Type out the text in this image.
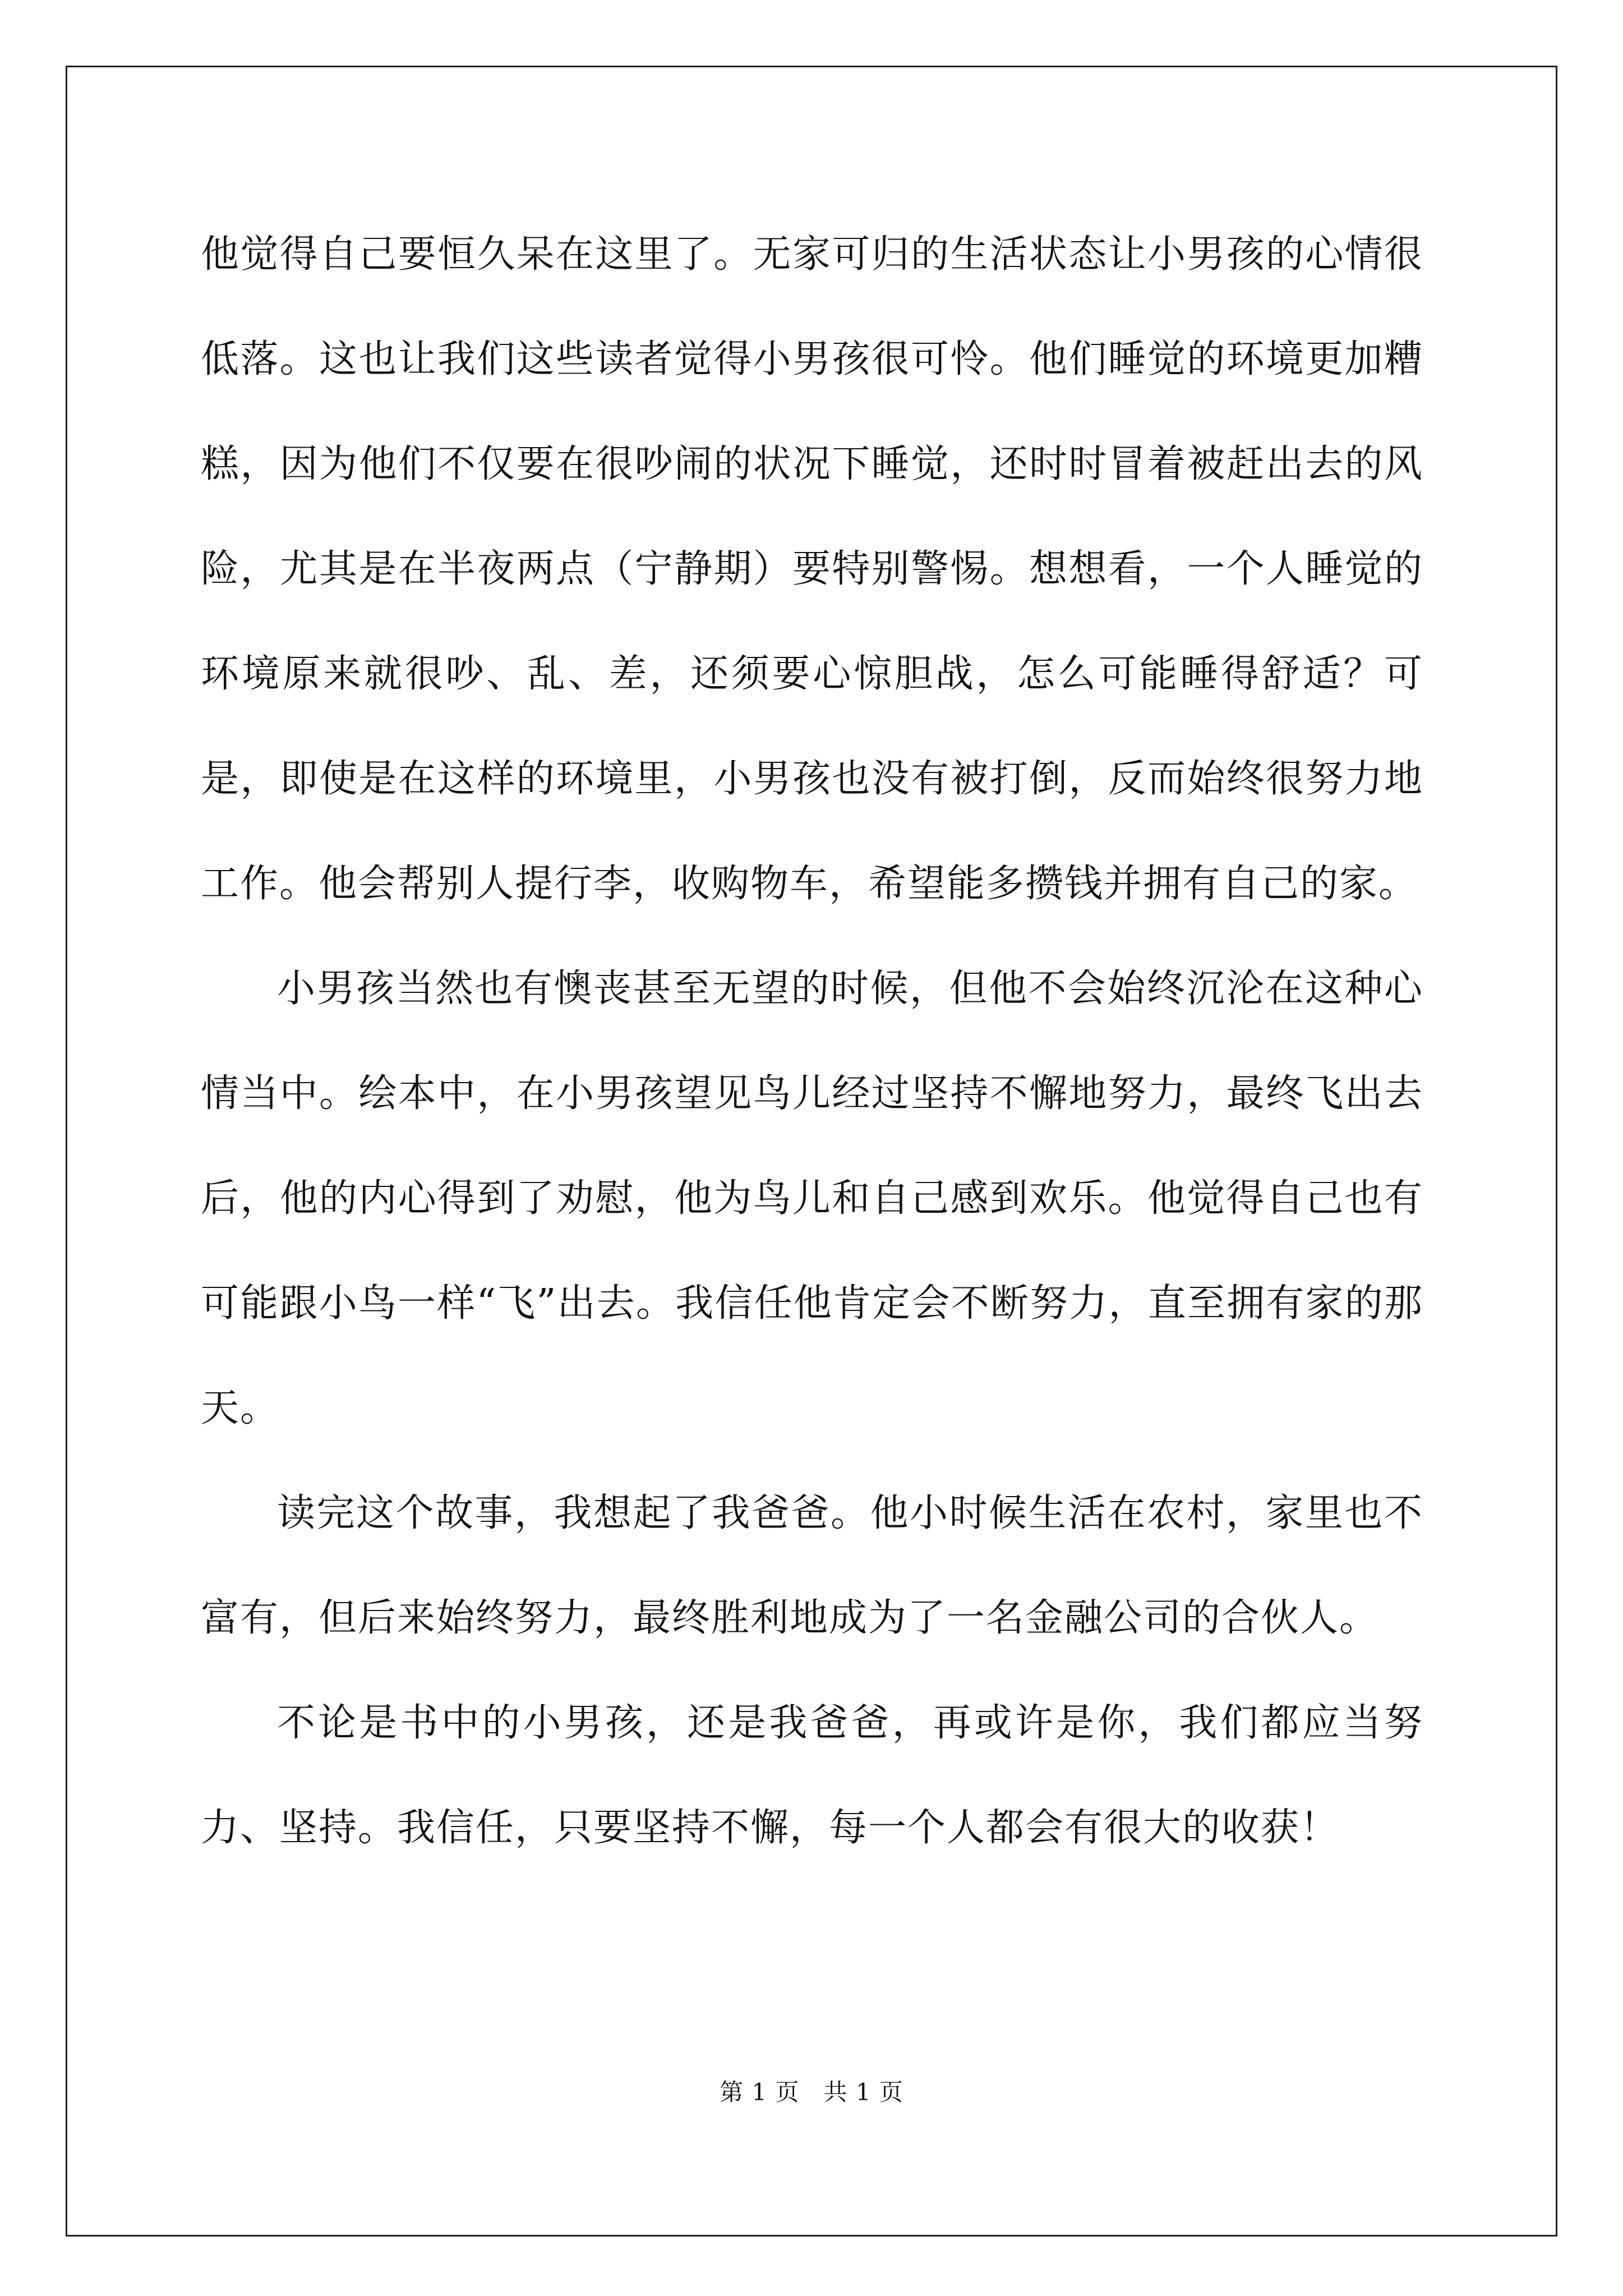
他觉得自己要恒久呆在这里了。无家可归的生活状态让小男孩的心情很低落。这也让我们这些读者觉得小男孩很可怜。他们睡觉的环境更加糟糕，因为他们不仅要在很吵闹的状况下睡觉，还时时冒着被赶出去的风险，尤其是在半夜两点（宁静期）要特别警惕。想想看，一个人睡觉的环境原来就很吵、乱、差，还须要心惊胆战，怎么可能睡得舒适？可是，即使是在这样的环境里，小男孩也没有被打倒，反而始终很努力地工作。他会帮别人提行李，收购物车，希望能多攒钱并拥有自己的家。

小男孩当然也有懊丧甚至无望的时候，但他不会始终沉沦在这种心情当中。绘本中，在小男孩望见鸟儿经过坚持不懈地努力，最终飞出去后，他的内心得到了劝慰，他为鸟儿和自己感到欢乐。他觉得自己也有可能跟小鸟一样“飞”出去。我信任他肯定会不断努力，直至拥有家的那天。

读完这个故事，我想起了我爸爸。他小时候生活在农村，家里也不富有，但后来始终努力，最终胜利地成为了一名金融公司的合伙人。

不论是书中的小男孩，还是我爸爸，再或许是你，我们都应当努力、坚持。我信任，只要坚持不懈，每一个人都会有很大的收获！

第 1 页　共 1 页
